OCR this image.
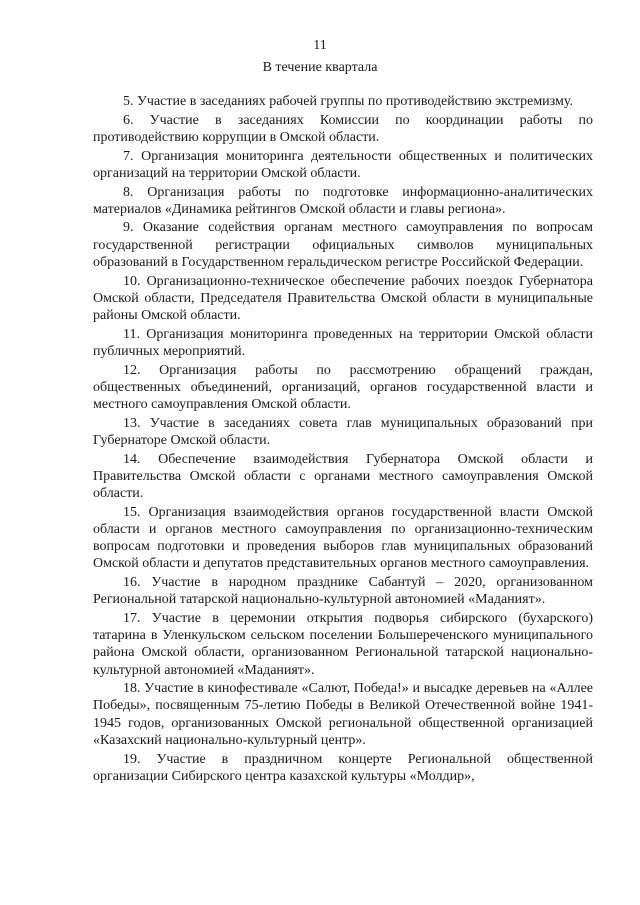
11
В течение квартала

5. Участие в заседаниях рабочей группы по противодействию экстремизму.

6. Участие в заседаниях Комиссии по координации работы по противодействию коррупции в Омской области.

7. Организация мониторинга деятельности общественных и политических организаций на территории Омской области.

8. Организация работы по подготовке информационно-аналитических материалов «Динамика рейтингов Омской области и главы региона».

9. Оказание содействия органам местного самоуправления по вопросам государственной регистрации официальных символов муниципальных образований в Государственном геральдическом регистре Российской Федерации.

10. Организационно-техническое обеспечение рабочих поездок Губернатора Омской области, Председателя Правительства Омской области в муниципальные районы Омской области.

11. Организация мониторинга проведенных на территории Омской области публичных мероприятий.

12. Организация работы по рассмотрению обращений граждан, общественных объединений, организаций, органов государственной власти и местного самоуправления Омской области.

13. Участие в заседаниях совета глав муниципальных образований при Губернаторе Омской области.

14. Обеспечение взаимодействия Губернатора Омской области и Правительства Омской области с органами местного самоуправления Омской области.

15. Организация взаимодействия органов государственной власти Омской области и органов местного самоуправления по организационно-техническим вопросам подготовки и проведения выборов глав муниципальных образований Омской области и депутатов представительных органов местного самоуправления.

16. Участие в народном празднике Сабантуй – 2020, организованном Региональной татарской национально-культурной автономией «Маданият».

17. Участие в церемонии открытия подворья сибирского (бухарского) татарина в Уленкульском сельском поселении Большереченского муниципального района Омской области, организованном Региональной татарской национально-культурной автономией «Маданият».

18. Участие в кинофестивале «Салют, Победа!» и высадке деревьев на «Аллее Победы», посвященным 75-летию Победы в Великой Отечественной войне 1941-1945 годов, организованных Омской региональной общественной организацией «Казахский национально-культурный центр».

19. Участие в праздничном концерте Региональной общественной организации Сибирского центра казахской культуры «Молдир»,
